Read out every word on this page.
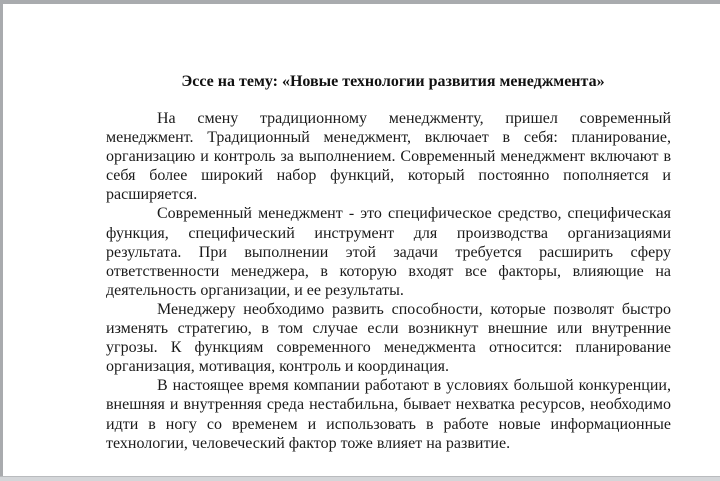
Эссе на тему: «Новые технологии развития менеджмента»

На смену традиционному менеджменту, пришел современный менеджмент. Традиционный менеджмент, включает в себя: планирование, организацию и контроль за выполнением. Современный менеджмент включают в себя более широкий набор функций, который постоянно пополняется и расширяется.

Современный менеджмент - это специфическое средство, специфическая функция, специфический инструмент для производства организациями результата. При выполнении этой задачи требуется расширить сферу ответственности менеджера, в которую входят все факторы, влияющие на деятельность организации, и ее результаты.

Менеджеру необходимо развить способности, которые позволят быстро изменять стратегию, в том случае если возникнут внешние или внутренние угрозы. К функциям современного менеджмента относится: планирование организация, мотивация, контроль и координация.

В настоящее время компании работают в условиях большой конкуренции, внешняя и внутренняя среда нестабильна, бывает нехватка ресурсов, необходимо идти в ногу со временем и использовать в работе новые информационные технологии, человеческий фактор тоже влияет на развитие.
